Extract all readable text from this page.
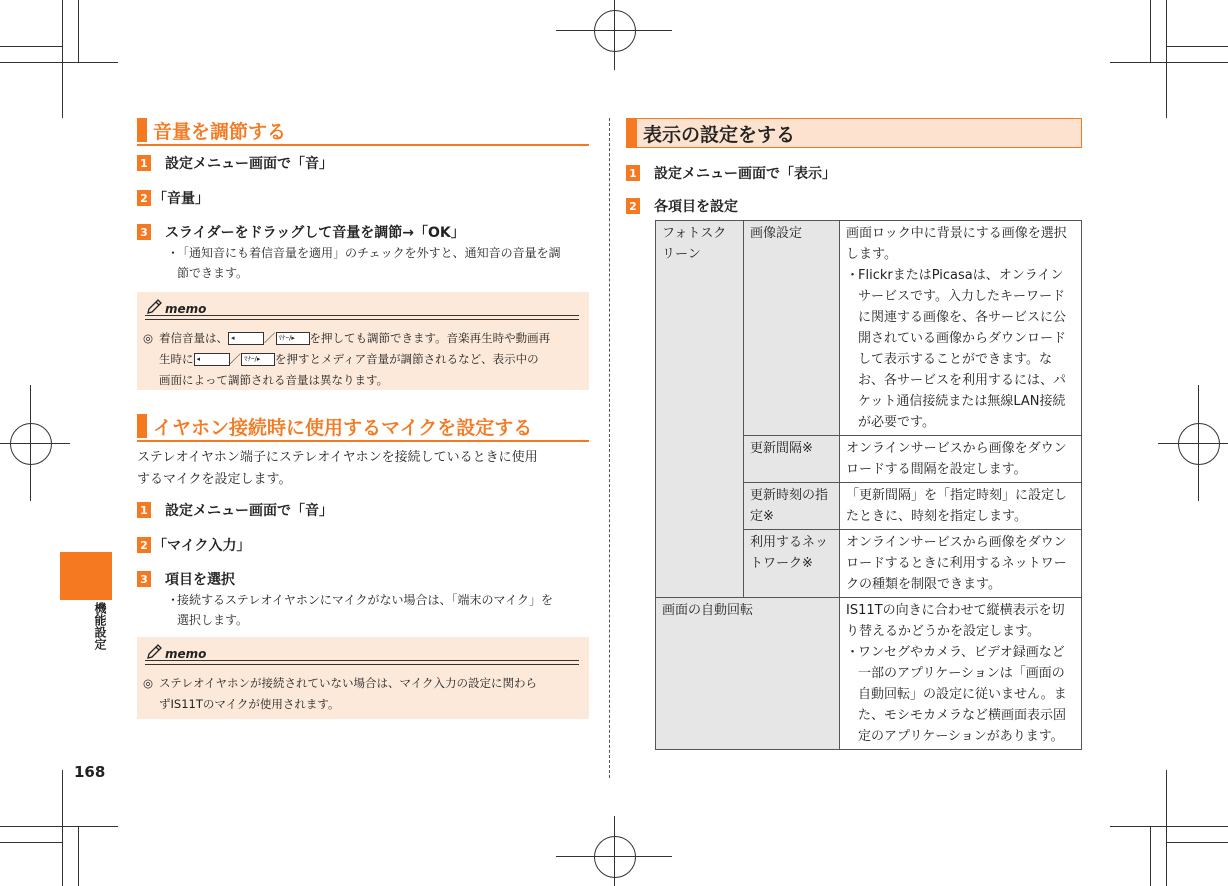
音量を調節する
1 設定メニュー画面で「音」
2 「音量」
3 スライダーをドラッグして音量を調節→「OK」
・
「通知音にも着信音量を適用」のチェックを外すと、通知音の音量を調
節できます。
memo
◎ 着信音量は、 ◂	／ ﾏﾅｰ/▸ を押しても調節できます。音楽再生時や動画再
生時に ◂	／ ﾏﾅｰ/▸ を押すとメディア音量が調節されるなど、表示中の
画面によって調節される音量は異なります。
イヤホン接続時に使用するマイクを設定する
ステレオイヤホン端子にステレオイヤホンを接続しているときに使用
するマイクを設定します。
1 設定メニュー画面で「音」
2 「マイク入力」
3 項目を選択
・
接続するステレオイヤホンにマイクがない場合は、「端末のマイク」を
選択します。
memo
◎ ステレオイヤホンが接続されていない場合は、マイク入力の設定に関わら
ずIS11Tのマイクが使用されます。
機能設定
168
表示の設定をする
1 設定メニュー画面で「表示」
2 各項目を設定
フォトスクリーン	画像設定	画面ロック中に背景にする画像を選択します。
・
FlickrまたはPicasaは、オンラインサービスです。入力したキーワードに関連する画像を、各サービスに公開されている画像からダウンロードして表示することができます。なお、各サービスを利用するには、パケット通信接続または無線LAN接続が必要です。

	更新間隔※	オンラインサービスから画像をダウンロードする間隔を設定します。
	更新時刻の指定※	「更新間隔」を「指定時刻」に設定したときに、時刻を指定します。
	利用するネットワーク※	オンラインサービスから画像をダウンロードするときに利用するネットワークの種類を制限できます。
画面の自動回転		IS11Tの向きに合わせて縦横表示を切り替えるかどうかを設定します。
・
ワンセグやカメラ、ビデオ録画など一部のアプリケーションは「画面の自動回転」の設定に従いません。また、モシモカメラなど横画面表示固定のアプリケーションがあります。
